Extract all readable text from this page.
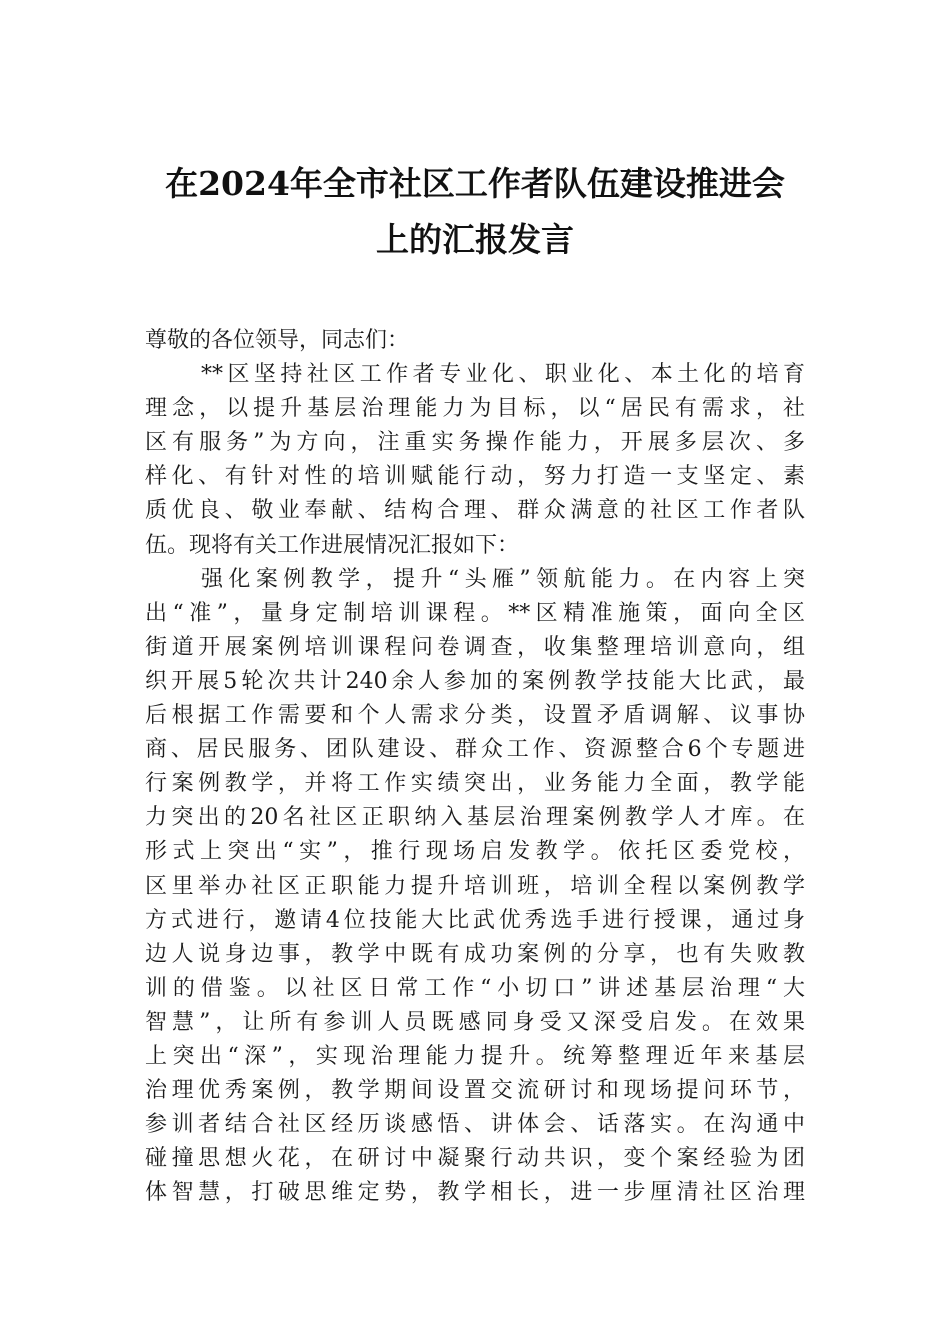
在2024年全市社区工作者队伍建设推进会
上的汇报发言
尊敬的各位领导，同志们：
**区坚持社区工作者专业化、职业化、本土化的培育
理念，以提升基层治理能力为目标，以“居民有需求，社
区有服务”为方向，注重实务操作能力，开展多层次、多
样化、有针对性的培训赋能行动，努力打造一支坚定、素
质优良、敬业奉献、结构合理、群众满意的社区工作者队
伍。现将有关工作进展情况汇报如下：
强化案例教学，提升“头雁”领航能力。在内容上突
出“准”，量身定制培训课程。**区精准施策，面向全区
街道开展案例培训课程问卷调查，收集整理培训意向，组
织开展5轮次共计240余人参加的案例教学技能大比武，最
后根据工作需要和个人需求分类，设置矛盾调解、议事协
商、居民服务、团队建设、群众工作、资源整合6个专题进
行案例教学，并将工作实绩突出，业务能力全面，教学能
力突出的20名社区正职纳入基层治理案例教学人才库。在
形式上突出“实”，推行现场启发教学。依托区委党校，
区里举办社区正职能力提升培训班，培训全程以案例教学
方式进行，邀请4位技能大比武优秀选手进行授课，通过身
边人说身边事，教学中既有成功案例的分享，也有失败教
训的借鉴。以社区日常工作“小切口”讲述基层治理“大
智慧”，让所有参训人员既感同身受又深受启发。在效果
上突出“深”，实现治理能力提升。统筹整理近年来基层
治理优秀案例，教学期间设置交流研讨和现场提问环节，
参训者结合社区经历谈感悟、讲体会、话落实。在沟通中
碰撞思想火花，在研讨中凝聚行动共识，变个案经验为团
体智慧，打破思维定势，教学相长，进一步厘清社区治理
